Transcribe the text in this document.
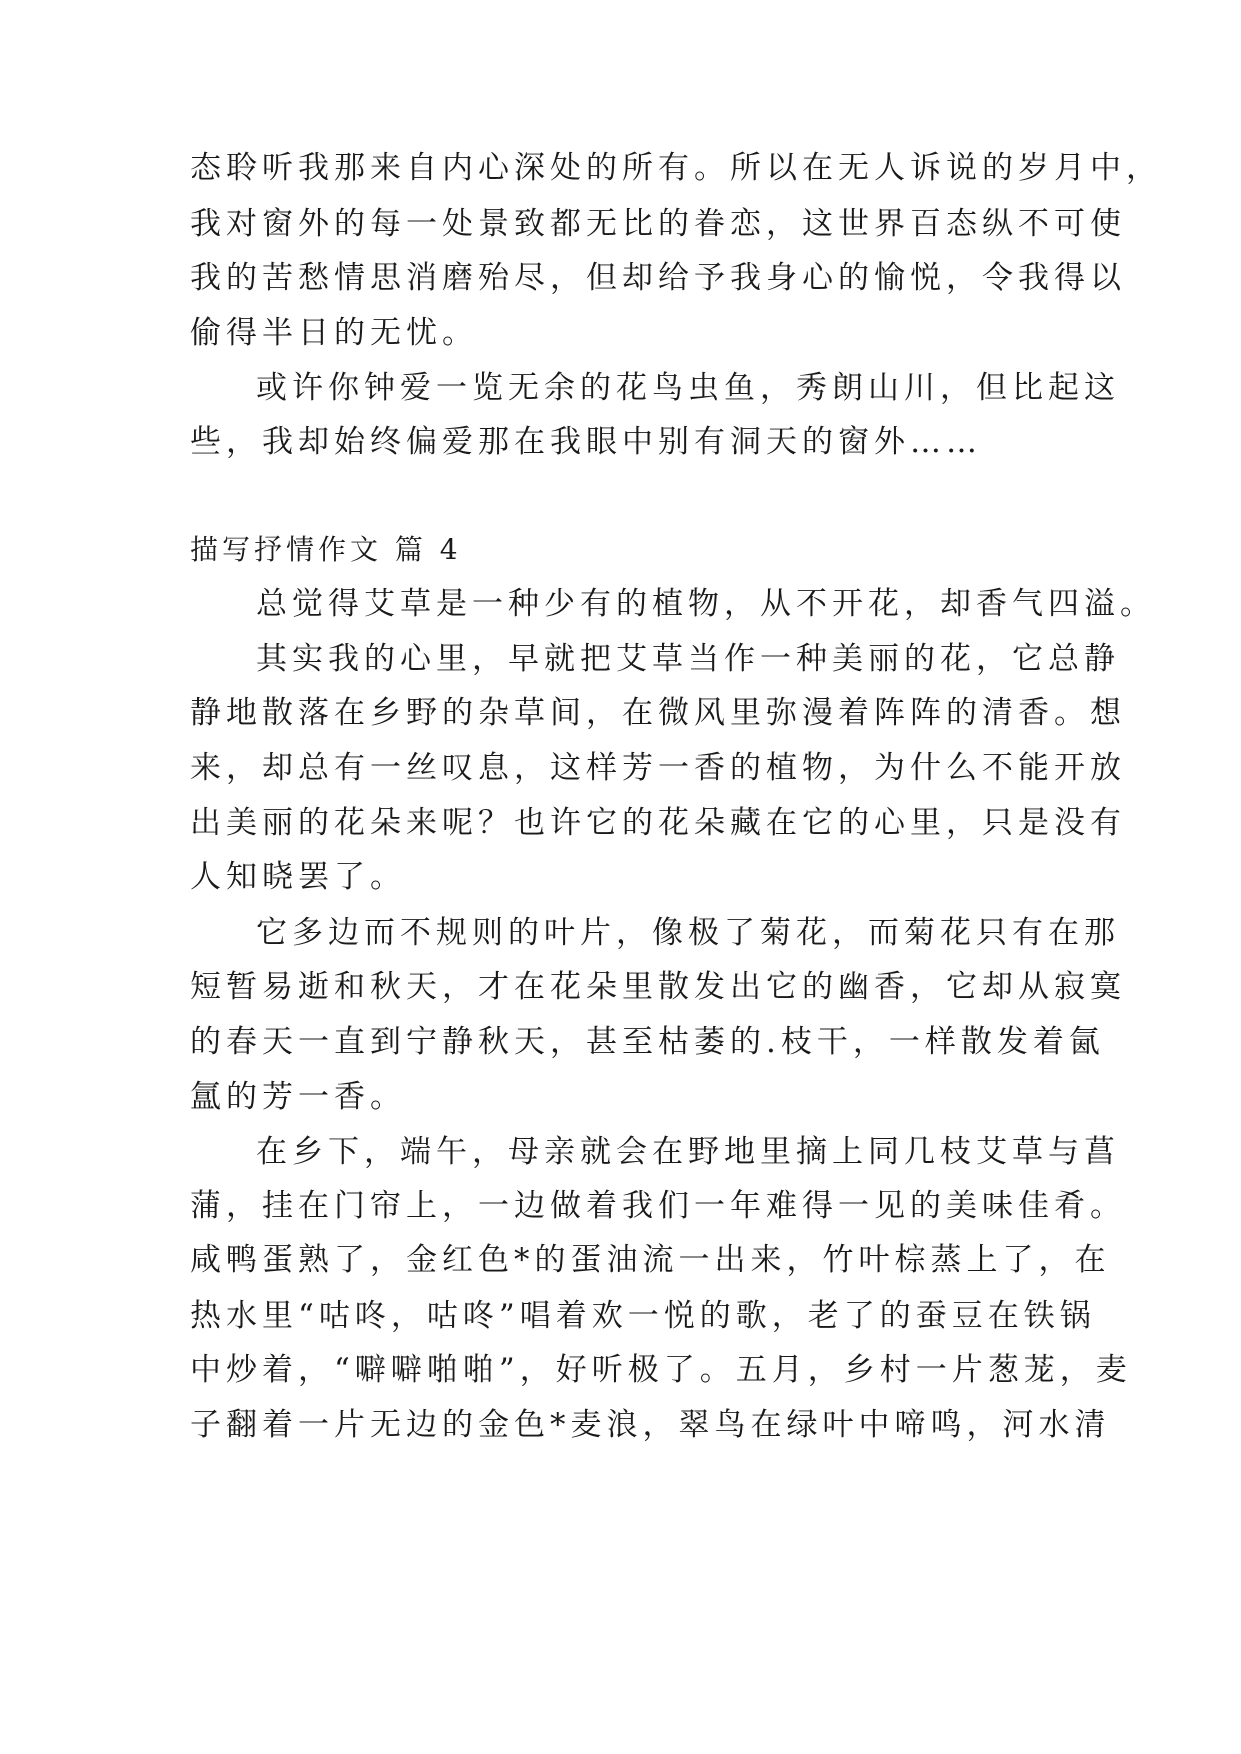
态聆听我那来自内心深处的所有。所以在无人诉说的岁月中，
我对窗外的每一处景致都无比的眷恋，这世界百态纵不可使
我的苦愁情思消磨殆尽，但却给予我身心的愉悦，令我得以
偷得半日的无忧。
或许你钟爱一览无余的花鸟虫鱼，秀朗山川，但比起这
些，我却始终偏爱那在我眼中别有洞天的窗外……
描写抒情作文 篇 4
总觉得艾草是一种少有的植物，从不开花，却香气四溢。
其实我的心里，早就把艾草当作一种美丽的花，它总静
静地散落在乡野的杂草间，在微风里弥漫着阵阵的清香。想
来，却总有一丝叹息，这样芳一香的植物，为什么不能开放
出美丽的花朵来呢？也许它的花朵藏在它的心里，只是没有
人知晓罢了。
它多边而不规则的叶片，像极了菊花，而菊花只有在那
短暂易逝和秋天，才在花朵里散发出它的幽香，它却从寂寞
的春天一直到宁静秋天，甚至枯萎的.枝干，一样散发着氤
氲的芳一香。
在乡下，端午，母亲就会在野地里摘上同几枝艾草与菖
蒲，挂在门帘上，一边做着我们一年难得一见的美味佳肴。
咸鸭蛋熟了，金红色*的蛋油流一出来，竹叶棕蒸上了，在
热水里“咕咚，咕咚”唱着欢一悦的歌，老了的蚕豆在铁锅
中炒着，“噼噼啪啪”，好听极了。五月，乡村一片葱茏，麦
子翻着一片无边的金色*麦浪，翠鸟在绿叶中啼鸣，河水清
